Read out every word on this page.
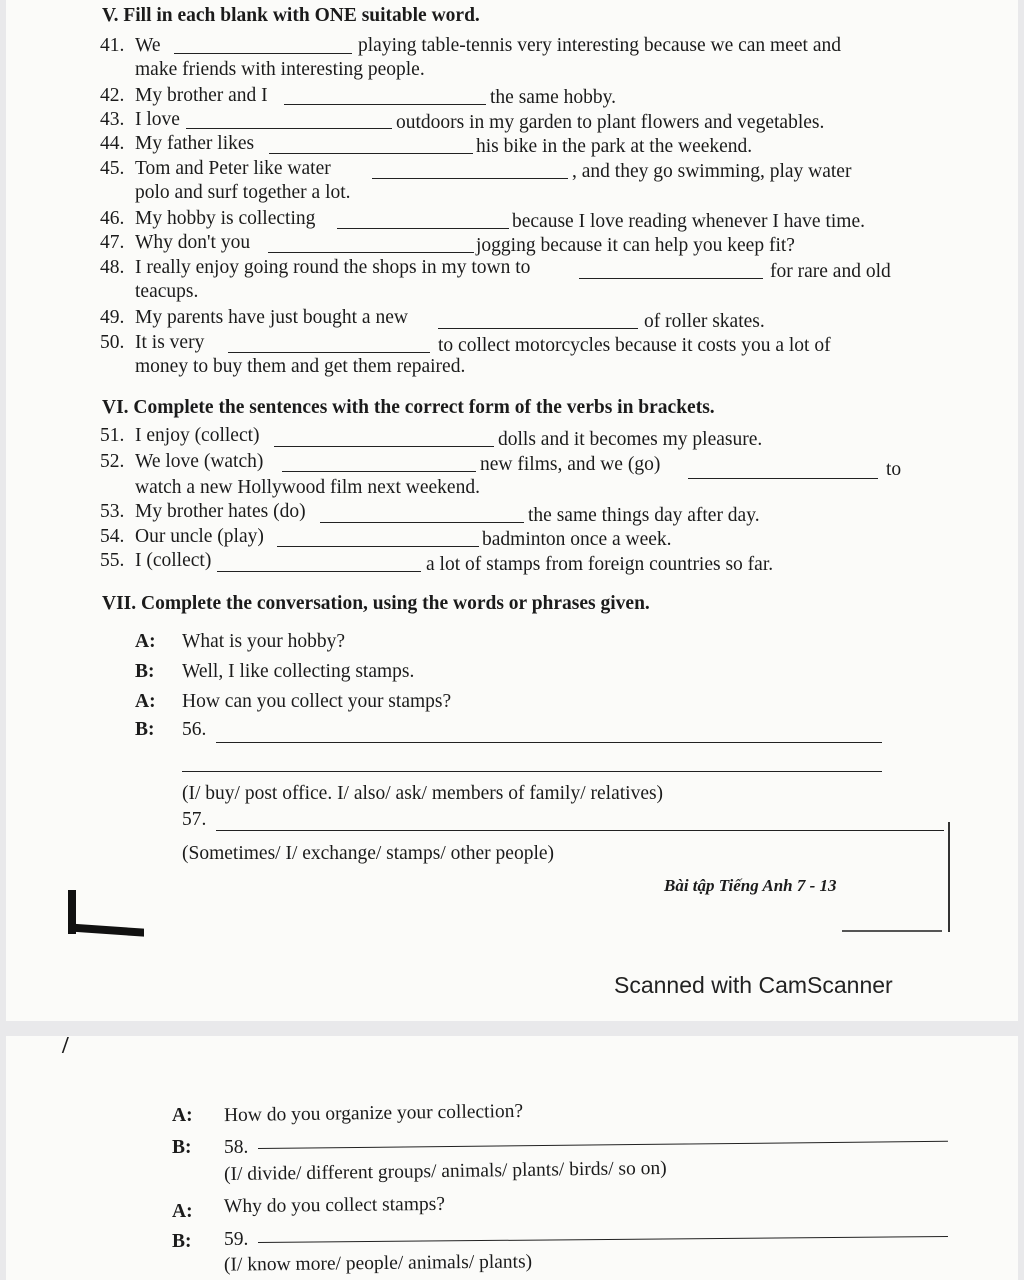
V. Fill in each blank with ONE suitable word.
41. We	playing table-tennis very interesting because we can meet and
make friends with interesting people.
42. My brother and I	the same hobby.
43. I love	outdoors in my garden to plant flowers and vegetables.
44. My father likes	his bike in the park at the weekend.
45. Tom and Peter like water	, and they go swimming, play water
polo and surf together a lot.
46. My hobby is collecting	because I love reading whenever I have time.
47. Why don't you	jogging because it can help you keep fit?
48. I really enjoy going round the shops in my town to	for rare and old
teacups.
49. My parents have just bought a new	of roller skates.
50. It is very	to collect motorcycles because it costs you a lot of
money to buy them and get them repaired.
VI. Complete the sentences with the correct form of the verbs in brackets.
51. I enjoy (collect)	dolls and it becomes my pleasure.
52. We love (watch)	new films, and we (go)	to
watch a new Hollywood film next weekend.
53. My brother hates (do)	the same things day after day.
54. Our uncle (play)	badminton once a week.
55. I (collect)	a lot of stamps from foreign countries so far.
VII. Complete the conversation, using the words or phrases given.
A: What is your hobby?
B: Well, I like collecting stamps.
A: How can you collect your stamps?
B: 56.
(I/ buy/ post office. I/ also/ ask/ members of family/ relatives)
57.
(Sometimes/ I/ exchange/ stamps/ other people)
Bài tập Tiếng Anh 7 - 13
Scanned with CamScanner
/
A: How do you organize your collection?
B: 58.
(I/ divide/ different groups/ animals/ plants/ birds/ so on)
A: Why do you collect stamps?
B: 59.
(I/ know more/ people/ animals/ plants)
